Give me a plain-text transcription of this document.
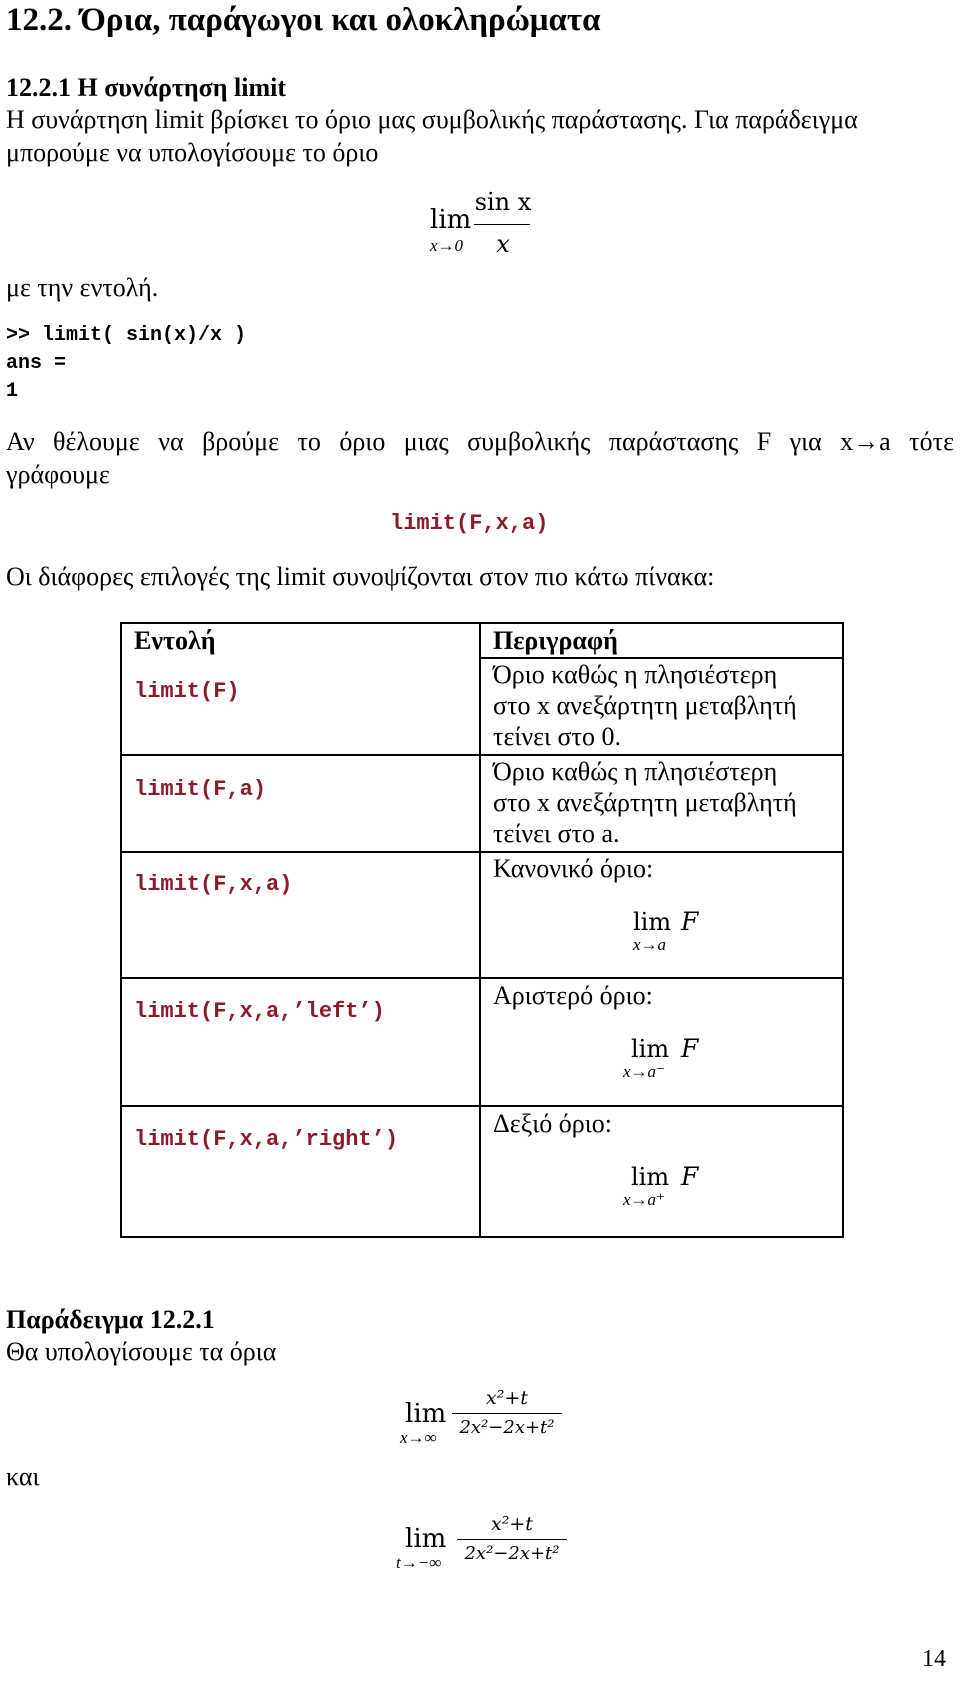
12.2. Όρια, παράγωγοι και ολοκληρώματα
12.2.1 Η συνάρτηση limit
Η συνάρτηση limit βρίσκει το όριο μας συμβολικής παράστασης. Για παράδειγμα
μπορούμε να υπολογίσουμε το όριο
lim
x→0
sin x
x
με την εντολή.
>> limit( sin(x)/x )
ans =
1
Αν θέλουμε να βρούμε το όριο μιας συμβολικής παράστασης F για x→a τότε
γράφουμε
limit(F,x,a)
Οι διάφορες επιλογές της limit συνοψίζονται στον πιο κάτω πίνακα:
Εντολή	Περιγραφή

limit(F)	Όριο καθώς η πλησιέστερη
στο x ανεξάρτητη μεταβλητή
τείνει στο 0.

limit(F,a)	Όριο καθώς η πλησιέστερη
στο x ανεξάρτητη μεταβλητή
τείνει στο a.

limit(F,x,a)	Κανονικό όριο:
lim
x→a
F

limit(F,x,a,’left’)	Αριστερό όριο:
lim
x→a⁻
F

limit(F,x,a,’right’)	Δεξιό όριο:
lim
x→a⁺
F
Παράδειγμα 12.2.1
Θα υπολογίσουμε τα όρια
lim
x→∞
x²+t
2x²−2x+t²
και
lim
t→−∞
x²+t
2x²−2x+t²
14
